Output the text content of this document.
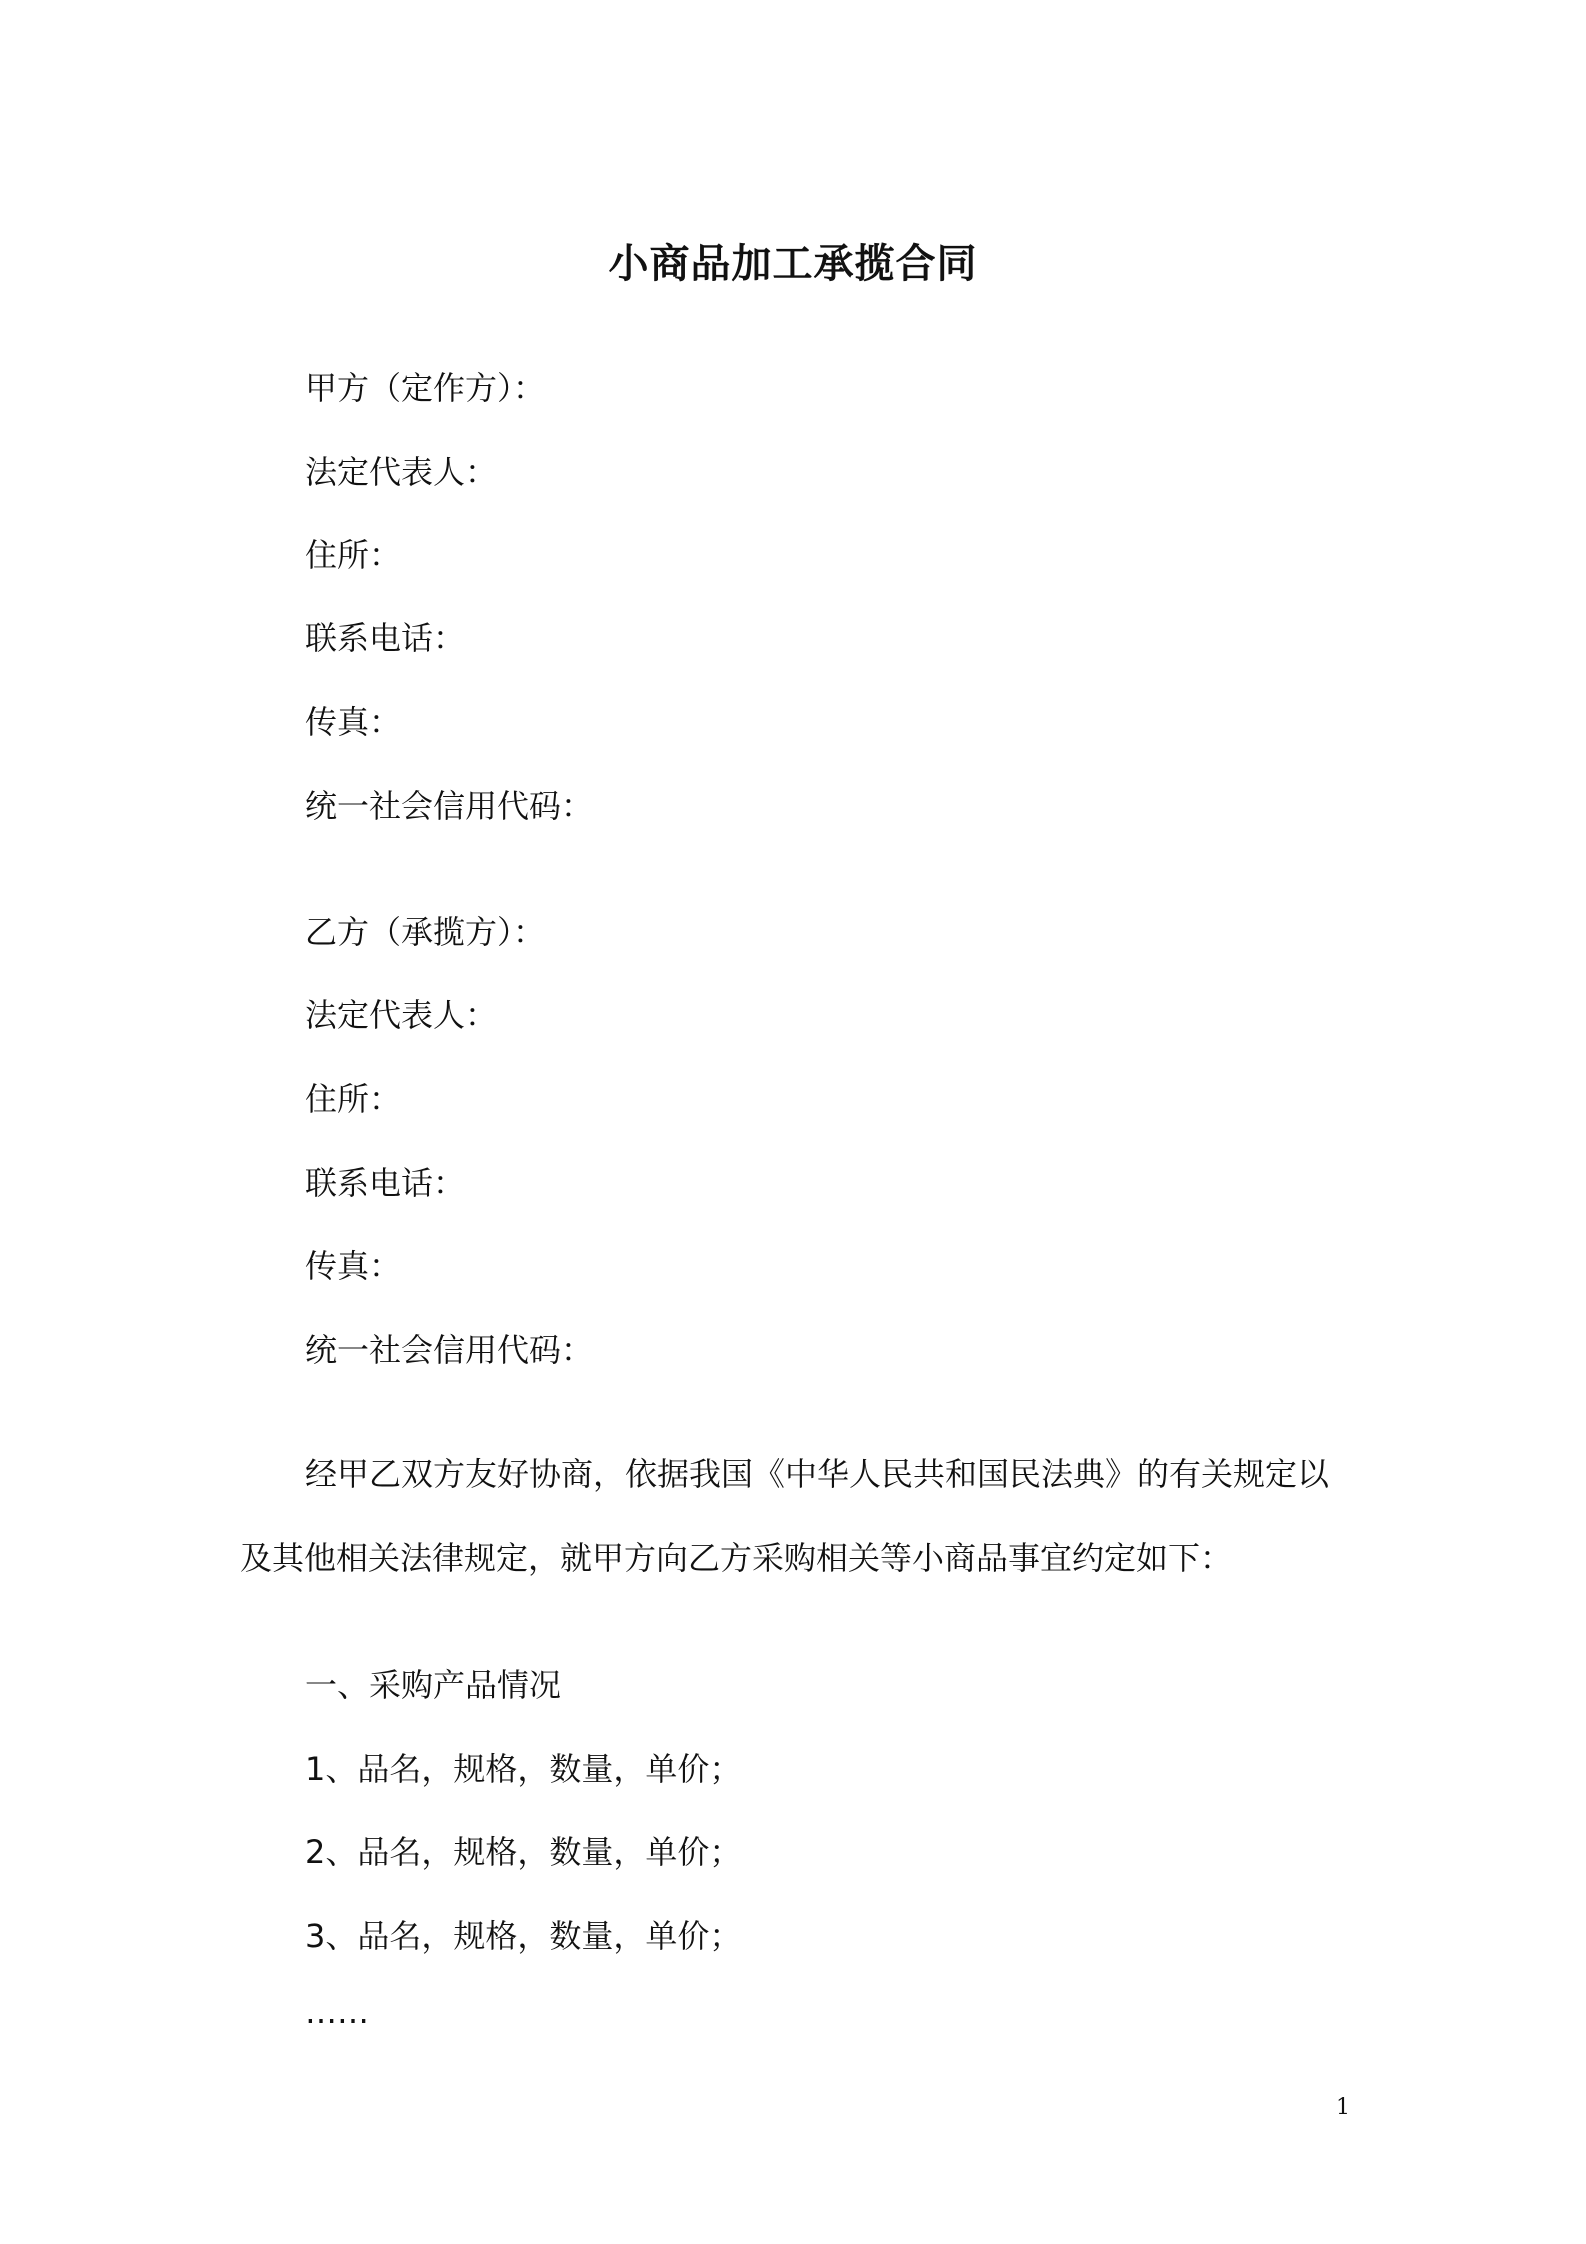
小商品加工承揽合同
甲方（定作方）：
法定代表人：
住所：
联系电话：
传真：
统一社会信用代码：
乙方（承揽方）：
法定代表人：
住所：
联系电话：
传真：
统一社会信用代码：
经甲乙双方友好协商，依据我国《中华人民共和国民法典》的有关规定以及其他相关法律规定，就甲方向乙方采购相关等小商品事宜约定如下：
一、采购产品情况
1、品名，规格，数量，单价；
2、品名，规格，数量，单价；
3、品名，规格，数量，单价；
……
1
